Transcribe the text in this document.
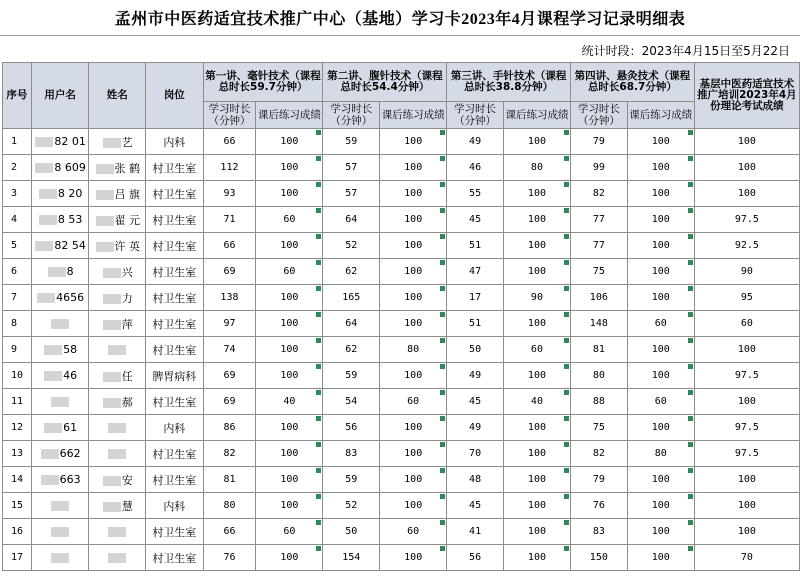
孟州市中医药适宜技术推广中心（基地）学习卡2023年4月课程学习记录明细表
统计时段：2023年4月15日至5月22日
序号	用户名	姓名	岗位	第一讲、毫针技术（课程总时长59.7分钟）		第二讲、腹针技术（课程总时长54.4分钟）		第三讲、手针技术（课程总时长38.8分钟）		第四讲、悬灸技术（课程总时长68.7分钟）		基层中医药适宜技术推广培训2023年4月份理论考试成绩
				学习时长（分钟）	课后练习成绩	学习时长（分钟）	课后练习成绩	学习时长（分钟）	课后练习成绩	学习时长（分钟）	课后练习成绩	
1	82 01	艺	内科	66	100	59	100	49	100	79	100	100
2	8 609	张 鹤	村卫生室	112	100	57	100	46	80	99	100	100
3	8 20	吕 旗	村卫生室	93	100	57	100	55	100	82	100	100
4	8 53	翟 元	村卫生室	71	60	64	100	45	100	77	100	97.5
5	82 54	许 英	村卫生室	66	100	52	100	51	100	77	100	92.5
6	8	兴	村卫生室	69	60	62	100	47	100	75	100	90
7	4656	力	村卫生室	138	100	165	100	17	90	106	100	95
8		萍	村卫生室	97	100	64	100	51	100	148	60	60
9	58		村卫生室	74	100	62	80	50	60	81	100	100
10	46	任	脾胃病科	69	100	59	100	49	100	80	100	97.5
11		郝	村卫生室	69	40	54	60	45	40	88	60	100
12	61		内科	86	100	56	100	49	100	75	100	97.5
13	662		村卫生室	82	100	83	100	70	100	82	80	97.5
14	663	安	村卫生室	81	100	59	100	48	100	79	100	100
15		慧	内科	80	100	52	100	45	100	76	100	100
16			村卫生室	66	60	50	60	41	100	83	100	100
17			村卫生室	76	100	154	100	56	100	150	100	70
